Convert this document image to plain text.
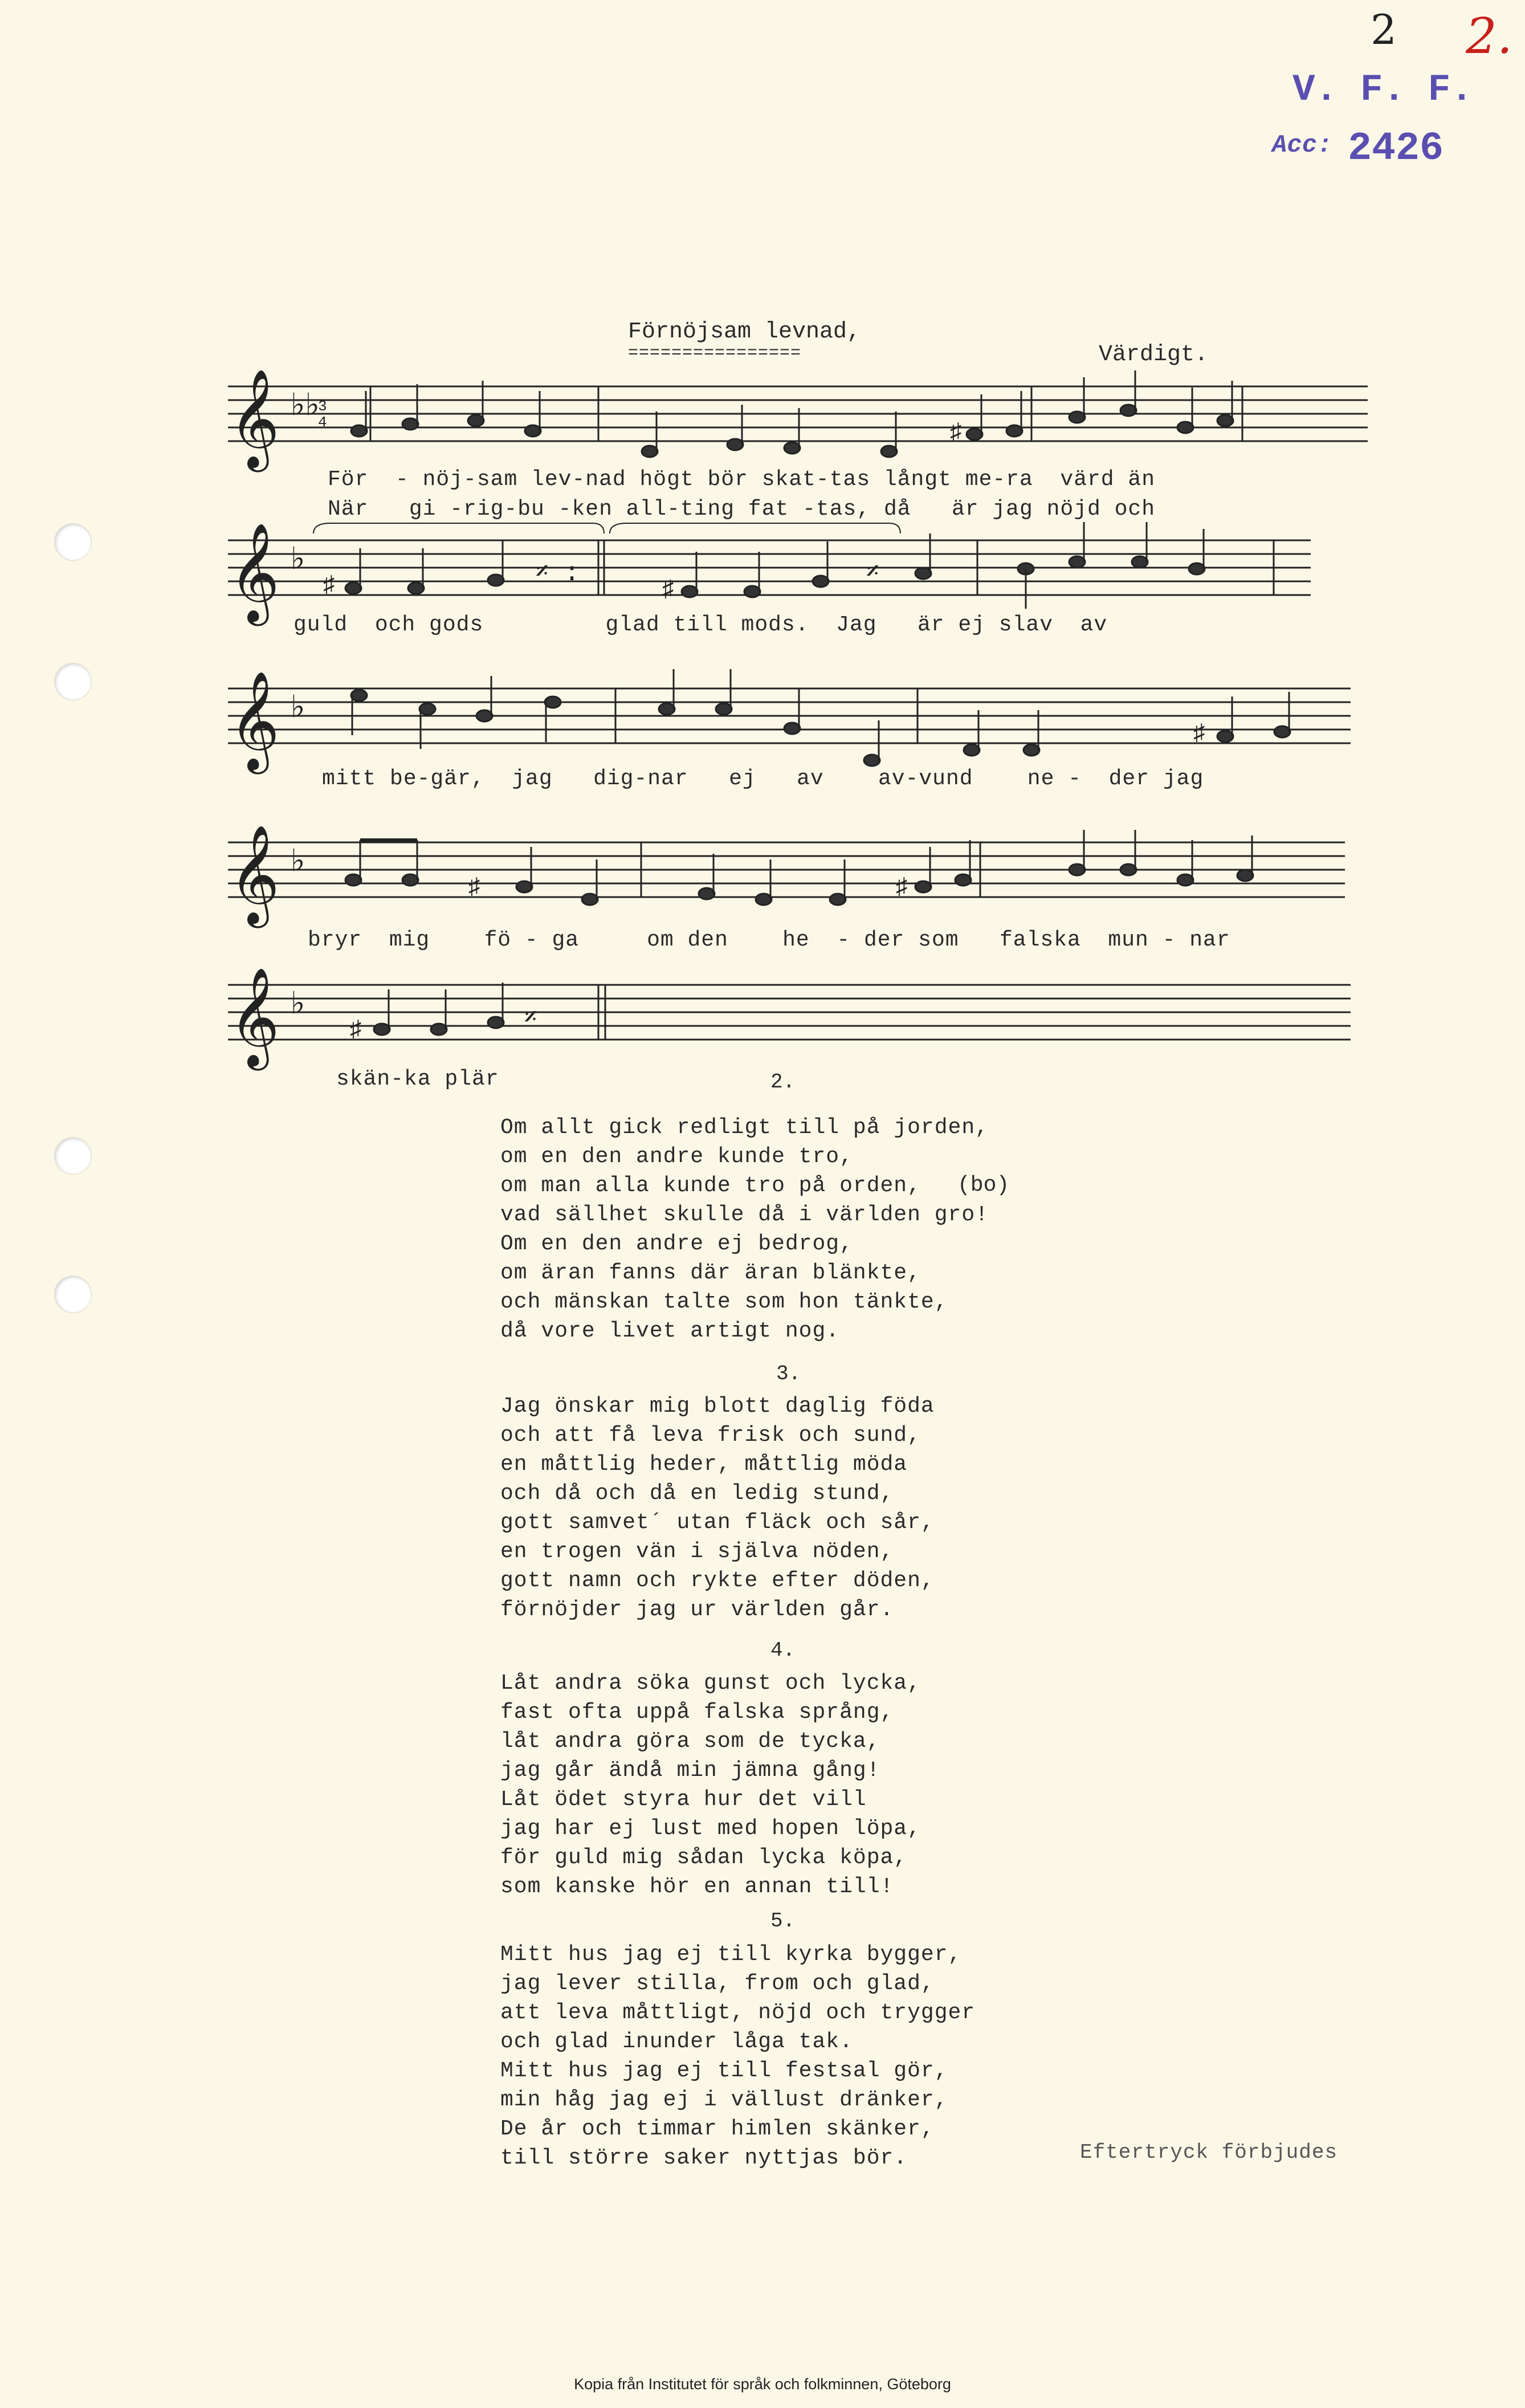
2 2.
V. F. F.
Acc: 2426
Förnöjsam levnad,
================	Värdigt.
𝄞 ♭♭
3
4	♯
För  - nöj-sam lev-nad högt bör skat-tas långt me-ra  värd än
När   gi -rig-bu -ken all-ting fat -tas, då   är jag nöjd och
𝄞 ♭
♯	♯
𝄎 :	𝄎
guld  och gods         glad till mods.  Jag   är ej slav  av
𝄞 ♭
♯
mitt be-gär,  jag   dig-nar   ej   av    av-vund    ne -  der jag
𝄞 ♭
♯	♯
bryr  mig    fö - ga     om den    he  - der som   falska  mun - nar
𝄞 ♭
♯	𝄎
skän-ka plär	2.
Om allt gick redligt till på jorden,
om en den andre kunde tro,
om man alla kunde tro på orden,
vad sällhet skulle då i världen gro!
Om en den andre ej bedrog,
om äran fanns där äran blänkte,
och mänskan talte som hon tänkte,
då vore livet artigt nog.
(bo)
3.
Jag önskar mig blott daglig föda
och att få leva frisk och sund,
en måttlig heder, måttlig möda
och då och då en ledig stund,
gott samvet´ utan fläck och sår,
en trogen vän i själva nöden,
gott namn och rykte efter döden,
förnöjder jag ur världen går.
4.
Låt andra söka gunst och lycka,
fast ofta uppå falska språng,
låt andra göra som de tycka,
jag går ändå min jämna gång!
Låt ödet styra hur det vill
jag har ej lust med hopen löpa,
för guld mig sådan lycka köpa,
som kanske hör en annan till!
5.
Mitt hus jag ej till kyrka bygger,
jag lever stilla, from och glad,
att leva måttligt, nöjd och trygger
och glad inunder låga tak.
Mitt hus jag ej till festsal gör,
min håg jag ej i vällust dränker,
De år och timmar himlen skänker,
till större saker nyttjas bör.	Eftertryck förbjudes
Kopia från Institutet för språk och folkminnen, Göteborg
